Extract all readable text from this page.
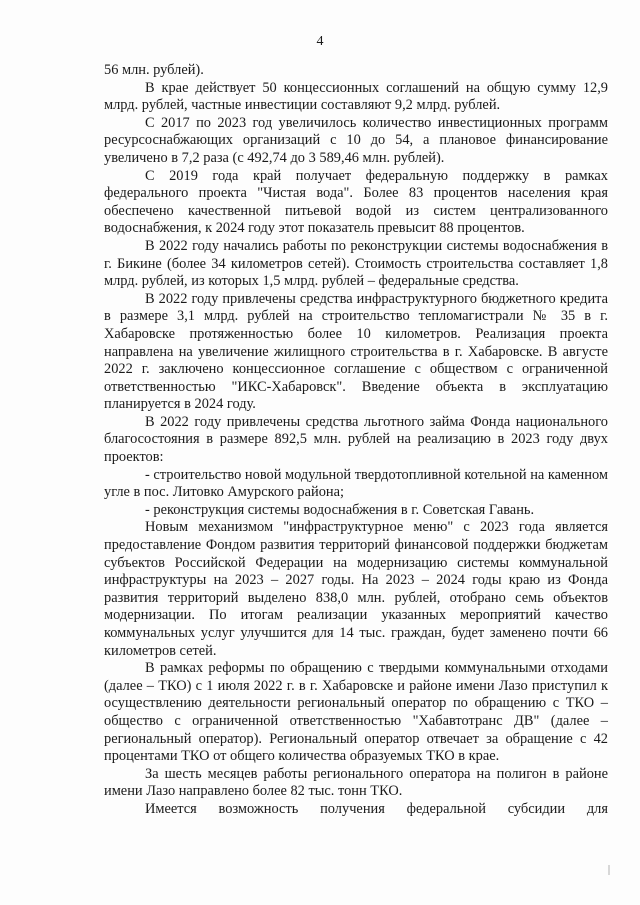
4

56 млн. рублей).

В крае действует 50 концессионных соглашений на общую сумму 12,9 млрд. рублей, частные инвестиции составляют 9,2 млрд. рублей.

С 2017 по 2023 год увеличилось количество инвестиционных программ ресурсоснабжающих организаций с 10 до 54, а плановое финансирование увеличено в 7,2 раза (с 492,74 до 3 589,46 млн. рублей).

С 2019 года край получает федеральную поддержку в рамках федерального проекта "Чистая вода". Более 83 процентов населения края обеспечено качественной питьевой водой из систем централизованного водоснабжения, к 2024 году этот показатель превысит 88 процентов.

В 2022 году начались работы по реконструкции системы водоснабжения в г. Бикине (более 34 километров сетей). Стоимость строительства составляет 1,8 млрд. рублей, из которых 1,5 млрд. рублей – федеральные средства.

В 2022 году привлечены средства инфраструктурного бюджетного кредита в размере 3,1 млрд. рублей на строительство тепломагистрали № 35 в г. Хабаровске протяженностью более 10 километров. Реализация проекта направлена на увеличение жилищного строительства в г. Хабаровске. В августе 2022 г. заключено концессионное соглашение с обществом с ограниченной ответственностью "ИКС-Хабаровск". Введение объекта в эксплуатацию планируется в 2024 году.

В 2022 году привлечены средства льготного займа Фонда национального благосостояния в размере 892,5 млн. рублей на реализацию в 2023 году двух проектов:

- строительство новой модульной твердотопливной котельной на каменном угле в пос. Литовко Амурского района;

- реконструкция системы водоснабжения в г. Советская Гавань.

Новым механизмом "инфраструктурное меню" с 2023 года является предоставление Фондом развития территорий финансовой поддержки бюджетам субъектов Российской Федерации на модернизацию системы коммунальной инфраструктуры на 2023 – 2027 годы. На 2023 – 2024 годы краю из Фонда развития территорий выделено 838,0 млн. рублей, отобрано семь объектов модернизации. По итогам реализации указанных мероприятий качество коммунальных услуг улучшится для 14 тыс. граждан, будет заменено почти 66 километров сетей.

В рамках реформы по обращению с твердыми коммунальными отходами (далее – ТКО) с 1 июля 2022 г. в г. Хабаровске и районе имени Лазо приступил к осуществлению деятельности региональный оператор по обращению с ТКО – общество с ограниченной ответственностью "Хабавтотранс ДВ" (далее – региональный оператор). Региональный оператор отвечает за обращение с 42 процентами ТКО от общего количества образуемых ТКО в крае.

За шесть месяцев работы регионального оператора на полигон в районе имени Лазо направлено более 82 тыс. тонн ТКО.

Имеется возможность получения федеральной субсидии для
